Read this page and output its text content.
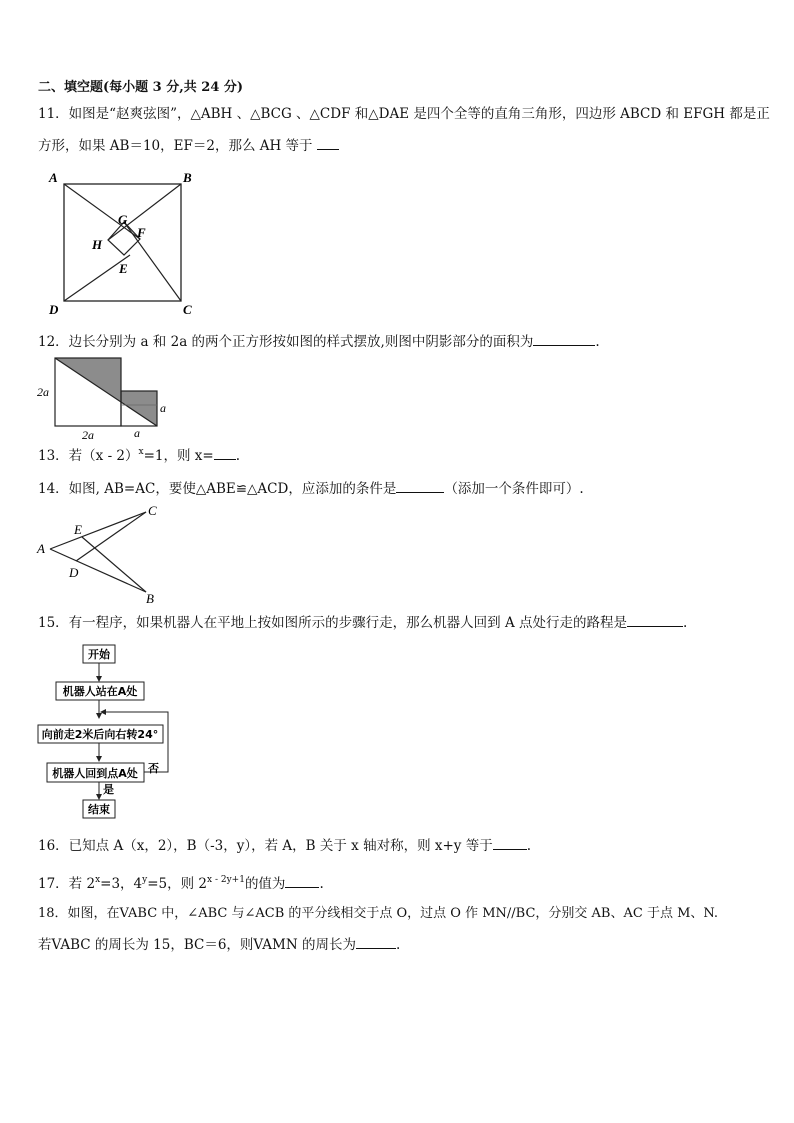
二、填空题(每小题 3 分,共 24 分)
11．如图是“赵爽弦图”，△ABH 、△BCG 、△CDF 和△DAE 是四个全等的直角三角形，四边形 ABCD 和 EFGH 都是正
方形，如果 AB＝10，EF＝2，那么 AH 等于
A	B
C
D
E
F
G
H
12．边长分别为 a 和 2a 的两个正方形按如图的样式摆放,则图中阴影部分的面积为	.
2a
2a	a
a
13．若（x - 2）$^x$=1，则 x= .
14．如图, AB=AC，要使△ABE≌△ACD，应添加的条件是	（添加一个条件即可）.
A
B
C
D
E
15．有一程序，如果机器人在平地上按如图所示的步骤行走，那么机器人回到 A 点处行走的路程是	.
开始
机器人站在A处
向前走2米后向右转24°
机器人回到点A处 否
是
结束
16．已知点 A（x，2），B（-3，y），若 A，B 关于 x 轴对称，则 x+y 等于	.
17．若 $2^x=3$，$4^y=5$，则 $2^{x - 2y+1}$的值为	.
18．如图，在VABC 中，∠ABC 与∠ACB 的平分线相交于点 O，过点 O 作 MN//BC，分别交 AB、AC 于点 M、N.
若VABC 的周长为 15，BC＝6，则VAMN 的周长为	.
